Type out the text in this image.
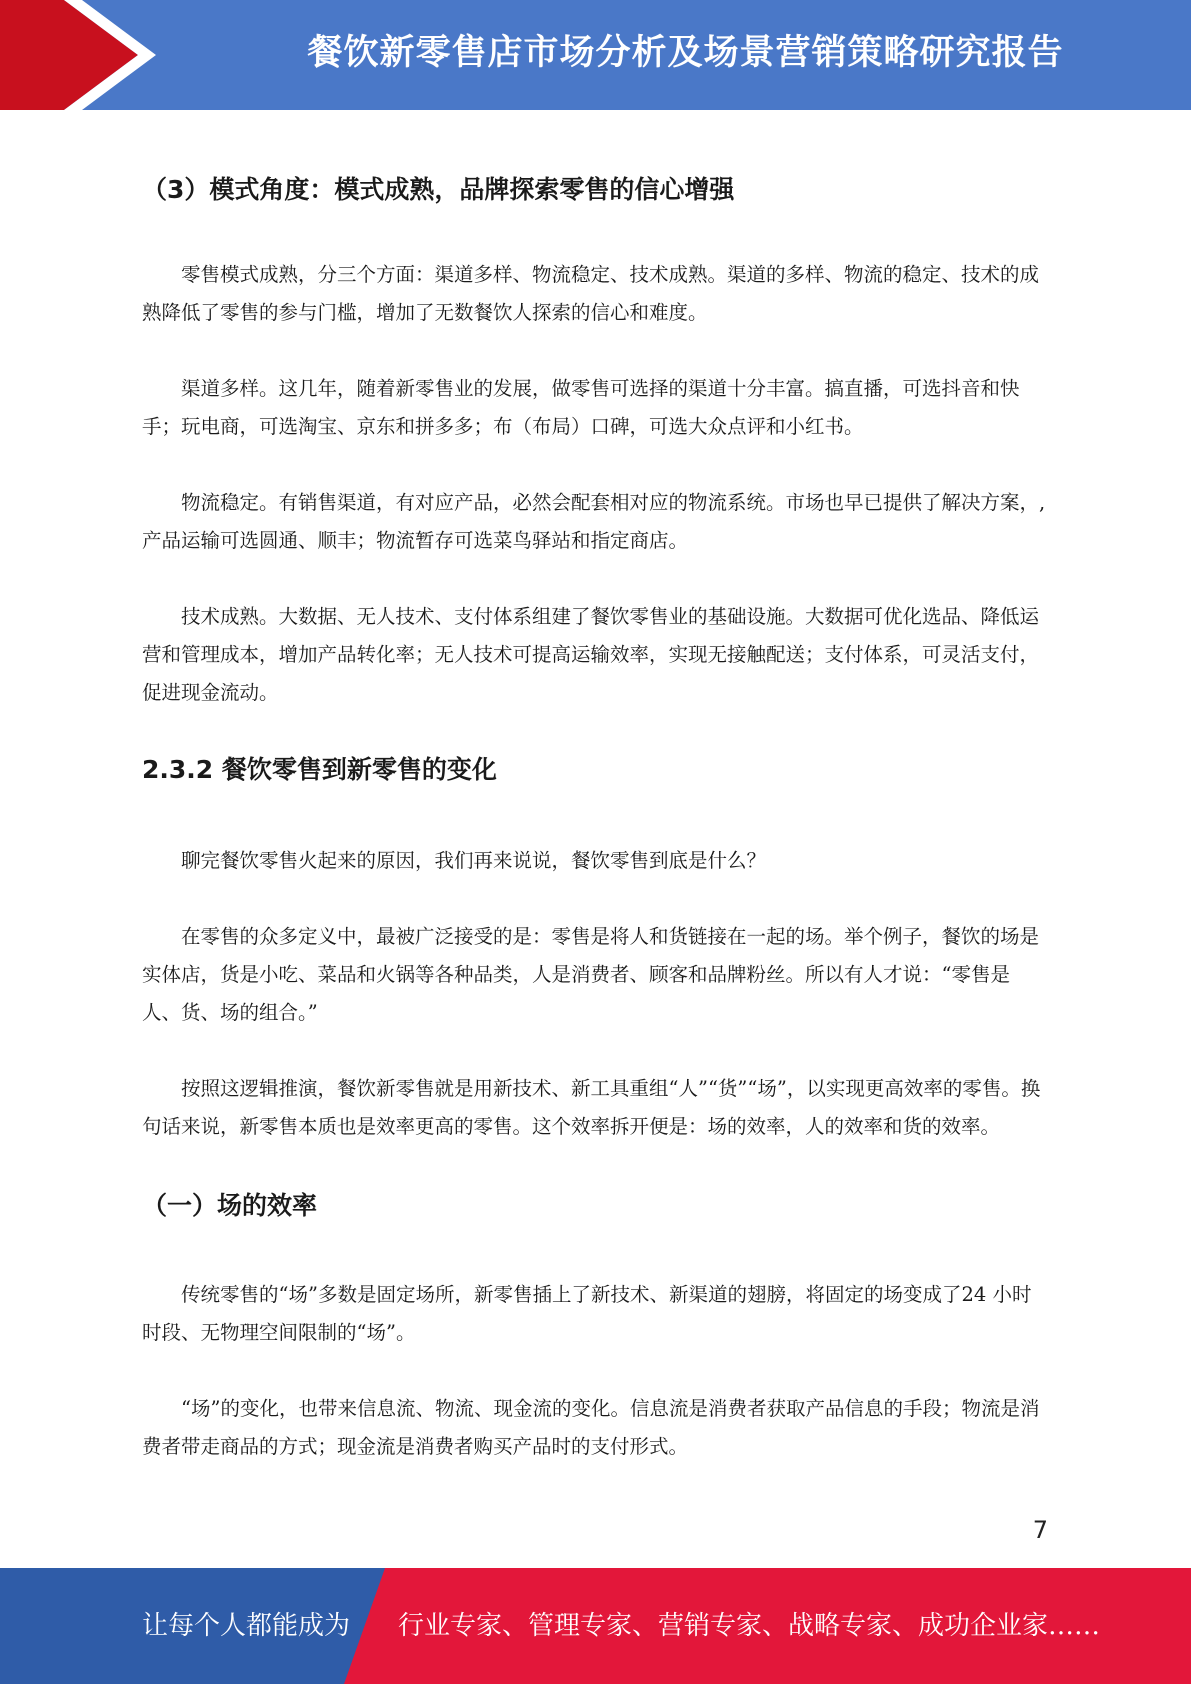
餐饮新零售店市场分析及场景营销策略研究报告
（3）模式角度：模式成熟，品牌探索零售的信心增强

零售模式成熟，分三个方面：渠道多样、物流稳定、技术成熟。渠道的多样、物流的稳定、技术的成熟降低了零售的参与门槛，增加了无数餐饮人探索的信心和难度。

渠道多样。这几年，随着新零售业的发展，做零售可选择的渠道十分丰富。搞直播，可选抖音和快手；玩电商，可选淘宝、京东和拼多多；布（布局）口碑，可选大众点评和小红书。

物流稳定。有销售渠道，有对应产品，必然会配套相对应的物流系统。市场也早已提供了解决方案，,产品运输可选圆通、顺丰；物流暂存可选菜鸟驿站和指定商店。

技术成熟。大数据、无人技术、支付体系组建了餐饮零售业的基础设施。大数据可优化选品、降低运营和管理成本，增加产品转化率；无人技术可提高运输效率，实现无接触配送；支付体系，可灵活支付，促进现金流动。

2.3.2 餐饮零售到新零售的变化

聊完餐饮零售火起来的原因，我们再来说说，餐饮零售到底是什么？

在零售的众多定义中，最被广泛接受的是：零售是将人和货链接在一起的场。举个例子，餐饮的场是实体店，货是小吃、菜品和火锅等各种品类，人是消费者、顾客和品牌粉丝。所以有人才说：“零售是人、货、场的组合。”

按照这逻辑推演，餐饮新零售就是用新技术、新工具重组“人”“货”“场”，以实现更高效率的零售。换句话来说，新零售本质也是效率更高的零售。这个效率拆开便是：场的效率，人的效率和货的效率。

（一）场的效率

传统零售的“场”多数是固定场所，新零售插上了新技术、新渠道的翅膀，将固定的场变成了24 小时时段、无物理空间限制的“场”。

“场”的变化，也带来信息流、物流、现金流的变化。信息流是消费者获取产品信息的手段；物流是消费者带走商品的方式；现金流是消费者购买产品时的支付形式。

7
让每个人都能成为 行业专家、管理专家、营销专家、战略专家、成功企业家……
